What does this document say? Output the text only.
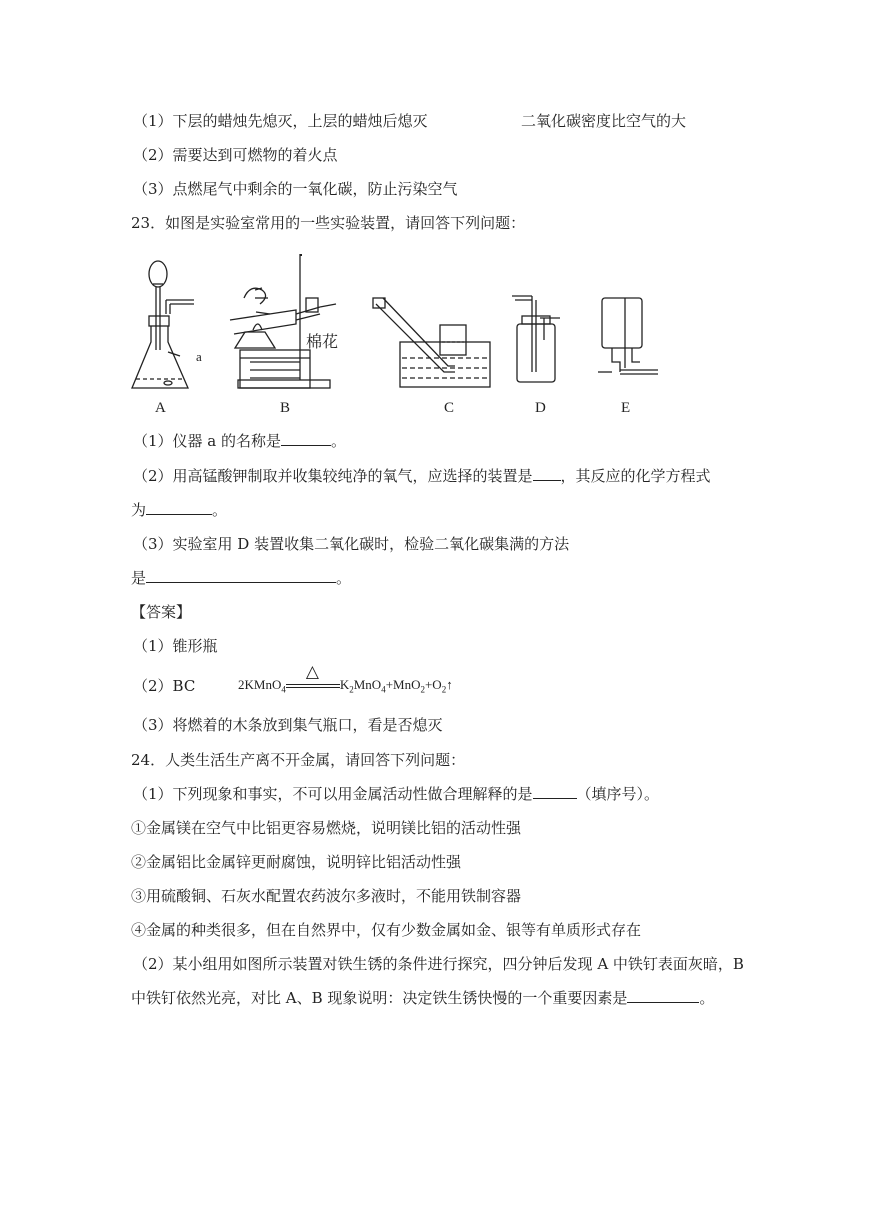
（1）下层的蜡烛先熄灭，上层的蜡烛后熄灭	二氧化碳密度比空气的大
（2）需要达到可燃物的着火点
（3）点燃尾气中剩余的一氧化碳，防止污染空气
23．如图是实验室常用的一些实验装置，请回答下列问题：
A	B	C	D	E
a
棉花
（1）仪器 a 的名称是	。
（2）用高锰酸钾制取并收集较纯净的氧气，应选择的装置是 ，其反应的化学方程式
为	。
（3）实验室用 D 装置收集二氧化碳时，检验二氧化碳集满的方法
是	。
【答案】
（1）锥形瓶
（2）BC	2KMnO$_4$
△
$K_2MnO_4+MnO_2+O_2↑$
（3）将燃着的木条放到集气瓶口，看是否熄灭
24．人类生活生产离不开金属，请回答下列问题：
（1）下列现象和事实，不可以用金属活动性做合理解释的是	（填序号）。
①金属镁在空气中比铝更容易燃烧，说明镁比铝的活动性强
②金属铝比金属锌更耐腐蚀，说明锌比铝活动性强
③用硫酸铜、石灰水配置农药波尔多液时，不能用铁制容器
④金属的种类很多，但在自然界中，仅有少数金属如金、银等有单质形式存在
（2）某小组用如图所示装置对铁生锈的条件进行探究，四分钟后发现 A 中铁钉表面灰暗，B
中铁钉依然光亮，对比 A、B 现象说明：决定铁生锈快慢的一个重要因素是	。
